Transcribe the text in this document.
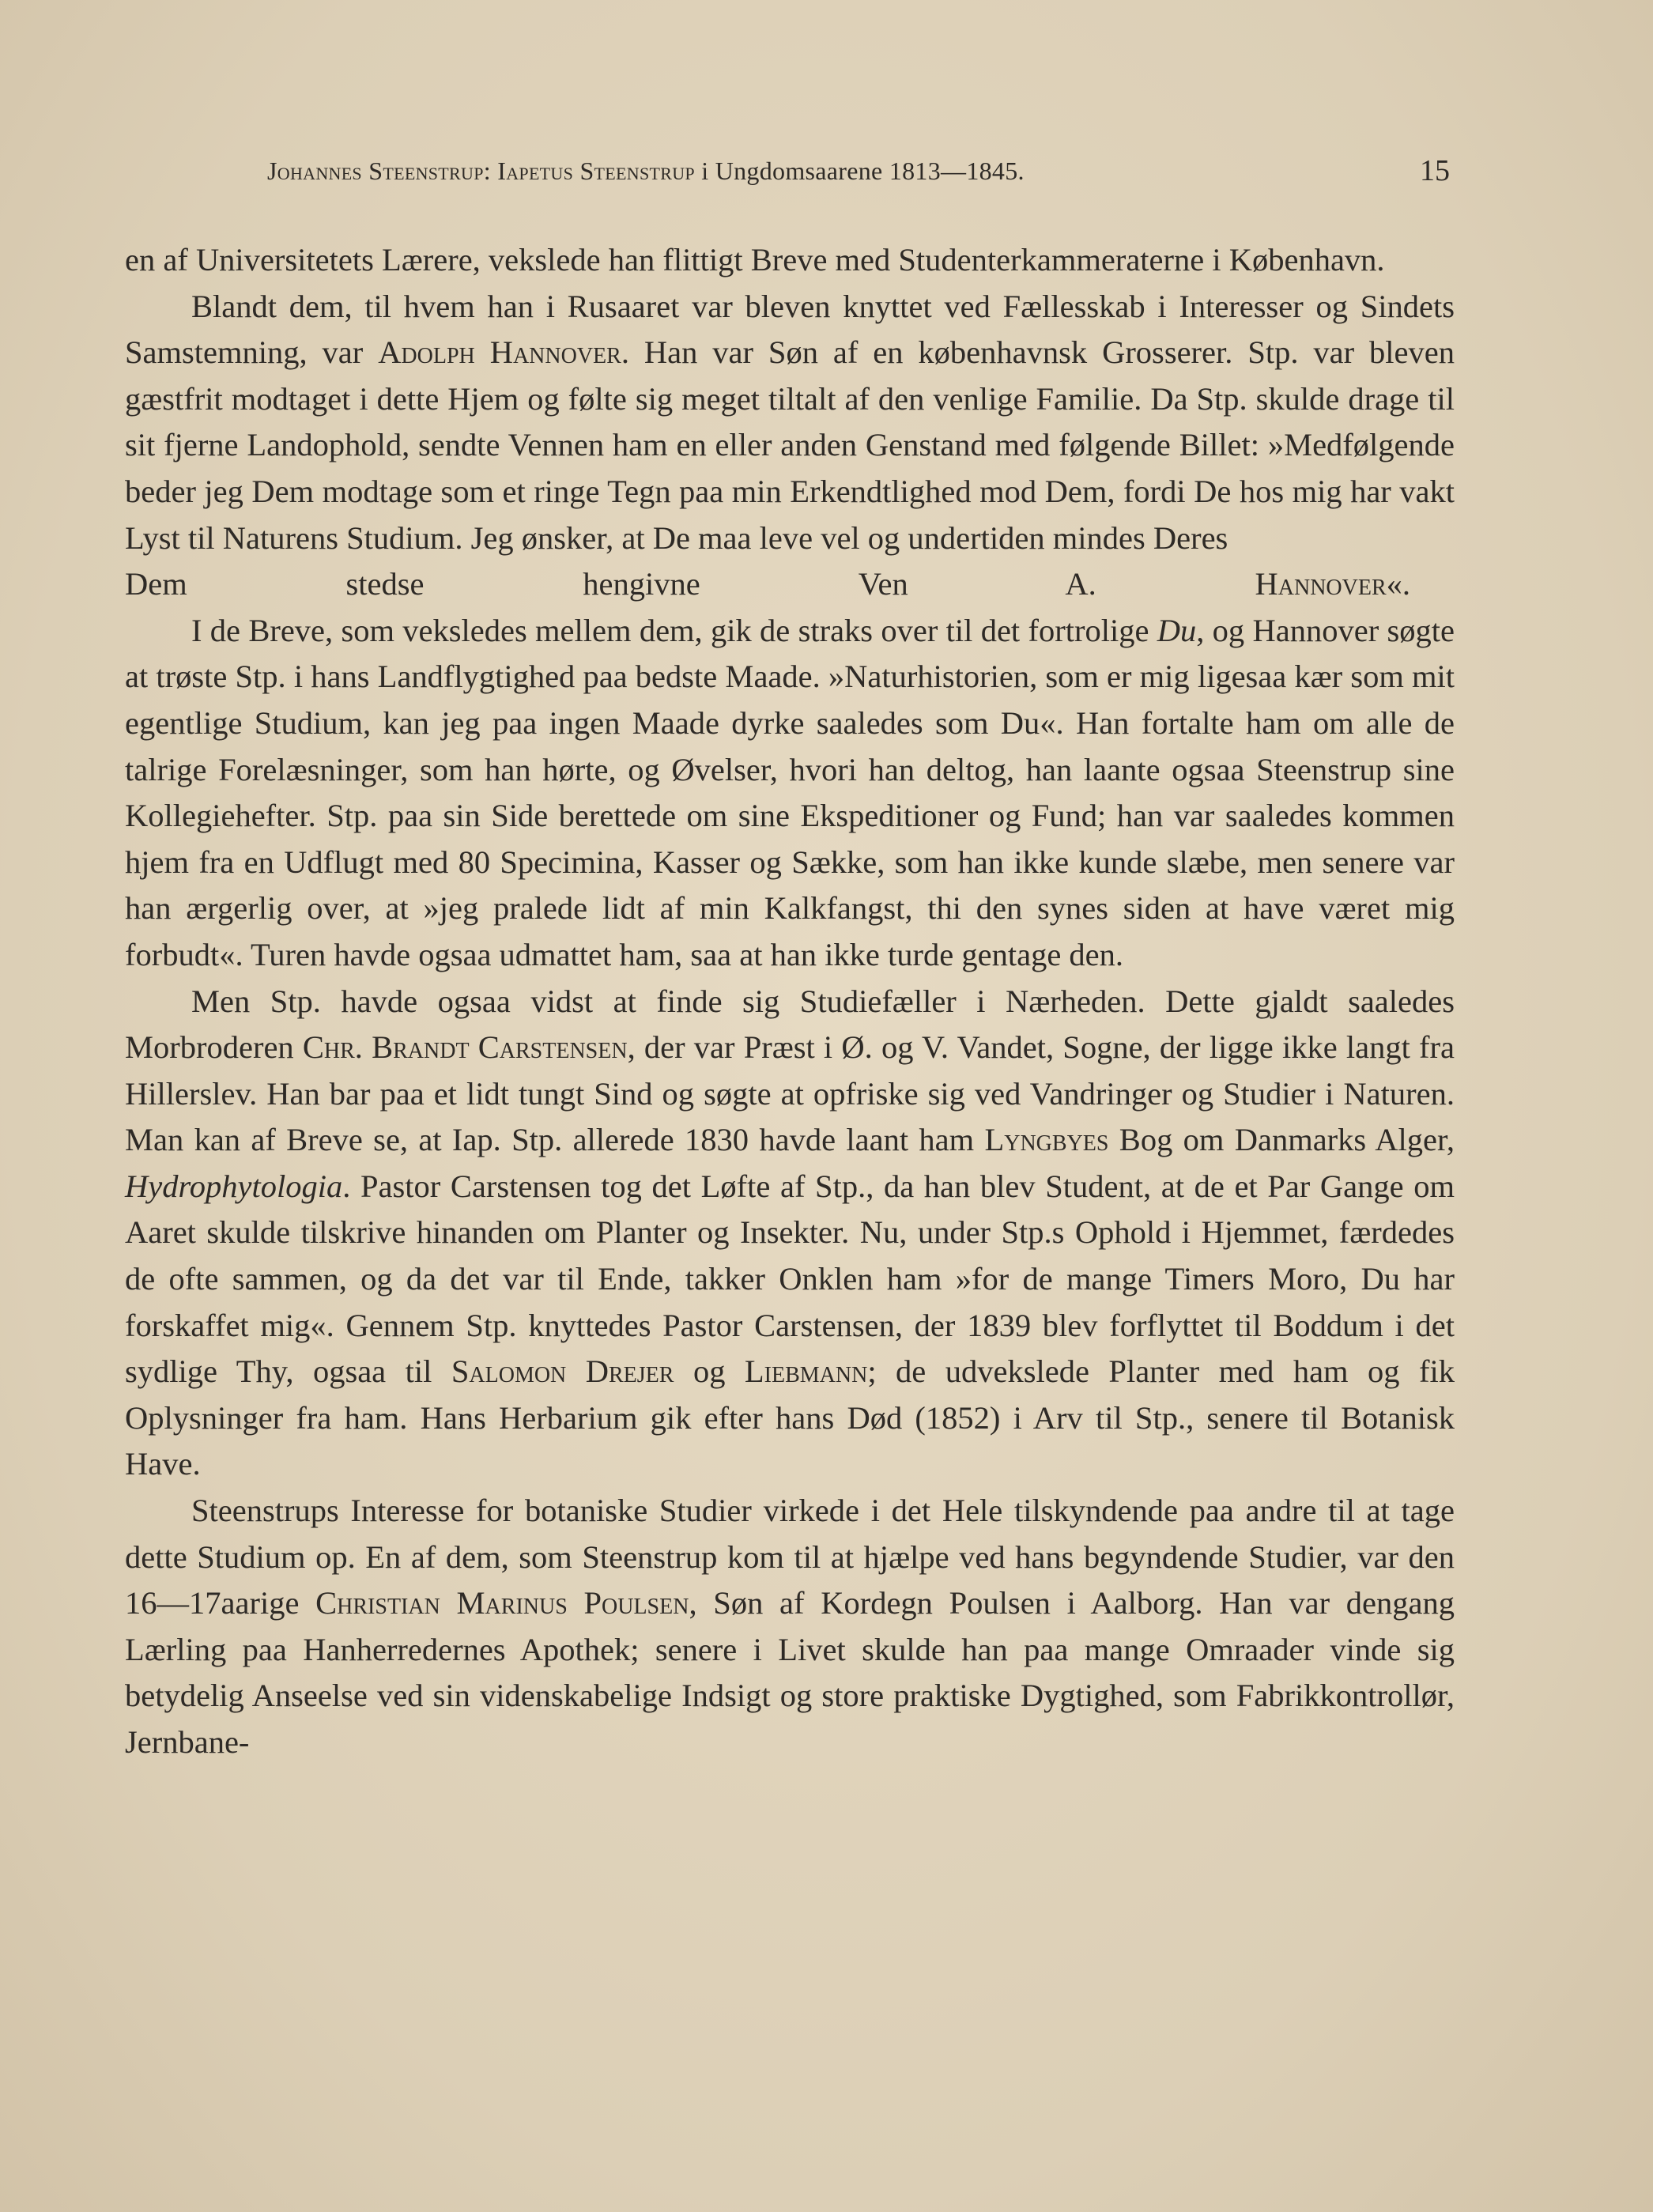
Johannes Steenstrup: Iapetus Steenstrup i Ungdomsaarene 1813—1845.	15

en af Universitetets Lærere, vekslede han flittigt Breve med Studenterkammeraterne i København.

Blandt dem, til hvem han i Rusaaret var bleven knyttet ved Fællesskab i Interesser og Sindets Samstemning, var Adolph Hannover. Han var Søn af en københavnsk Grosserer. Stp. var bleven gæstfrit modtaget i dette Hjem og følte sig meget tiltalt af den venlige Familie. Da Stp. skulde drage til sit fjerne Landophold, sendte Vennen ham en eller anden Genstand med følgende Billet: »Medfølgende beder jeg Dem modtage som et ringe Tegn paa min Erkendtlighed mod Dem, fordi De hos mig har vakt Lyst til Naturens Studium. Jeg ønsker, at De maa leve vel og undertiden mindes Deres

Dem stedse hengivne Ven	A. Hannover«.

I de Breve, som veksledes mellem dem, gik de straks over til det fortrolige Du, og Hannover søgte at trøste Stp. i hans Landflygtighed paa bedste Maade. »Naturhistorien, som er mig ligesaa kær som mit egentlige Studium, kan jeg paa ingen Maade dyrke saaledes som Du«. Han fortalte ham om alle de talrige Forelæsninger, som han hørte, og Øvelser, hvori han deltog, han laante ogsaa Steenstrup sine Kollegiehefter. Stp. paa sin Side berettede om sine Ekspeditioner og Fund; han var saaledes kommen hjem fra en Udflugt med 80 Specimina, Kasser og Sække, som han ikke kunde slæbe, men senere var han ærgerlig over, at »jeg pralede lidt af min Kalkfangst, thi den synes siden at have været mig forbudt«. Turen havde ogsaa udmattet ham, saa at han ikke turde gentage den.

Men Stp. havde ogsaa vidst at finde sig Studiefæller i Nærheden. Dette gjaldt saaledes Morbroderen Chr. Brandt Carstensen, der var Præst i Ø. og V. Vandet, Sogne, der ligge ikke langt fra Hillerslev. Han bar paa et lidt tungt Sind og søgte at opfriske sig ved Vandringer og Studier i Naturen. Man kan af Breve se, at Iap. Stp. allerede 1830 havde laant ham Lyngbyes Bog om Danmarks Alger, Hydrophytologia. Pastor Carstensen tog det Løfte af Stp., da han blev Student, at de et Par Gange om Aaret skulde tilskrive hinanden om Planter og Insekter. Nu, under Stp.s Ophold i Hjemmet, færdedes de ofte sammen, og da det var til Ende, takker Onklen ham »for de mange Timers Moro, Du har forskaffet mig«. Gennem Stp. knyttedes Pastor Carstensen, der 1839 blev forflyttet til Boddum i det sydlige Thy, ogsaa til Salomon Drejer og Liebmann; de udvekslede Planter med ham og fik Oplysninger fra ham. Hans Herbarium gik efter hans Død (1852) i Arv til Stp., senere til Botanisk Have.

Steenstrups Interesse for botaniske Studier virkede i det Hele tilskyndende paa andre til at tage dette Studium op. En af dem, som Steenstrup kom til at hjælpe ved hans begyndende Studier, var den 16—17aarige Christian Marinus Poulsen, Søn af Kordegn Poulsen i Aalborg. Han var dengang Lærling paa Hanherredernes Apothek; senere i Livet skulde han paa mange Omraader vinde sig betydelig Anseelse ved sin videnskabelige Indsigt og store praktiske Dygtighed, som Fabrikkontrollør, Jernbane-
